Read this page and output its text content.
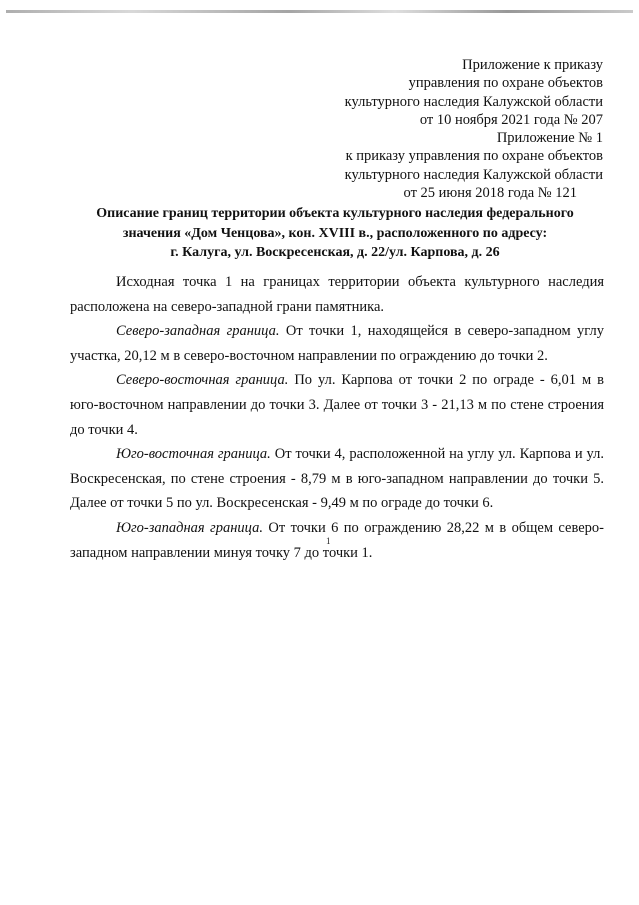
Приложение к приказу
управления по охране объектов
культурного наследия Калужской области
от 10 ноября 2021 года № 207
Приложение № 1
к приказу управления по охране объектов
культурного наследия Калужской области
от 25 июня 2018 года № 121
Описание границ территории объекта культурного наследия федерального
значения «Дом Ченцова», кон. XVIII в., расположенного по адресу:
г. Калуга, ул. Воскресенская, д. 22/ул. Карпова, д. 26

Исходная точка 1 на границах территории объекта культурного наследия расположена на северо-западной грани памятника.

Северо-западная граница. От точки 1, находящейся в северо-западном углу участка, 20,12 м в северо-восточном направлении по ограждению до точки 2.

Северо-восточная граница. По ул. Карпова от точки 2 по ограде - 6,01 м в юго-восточном направлении до точки 3. Далее от точки 3 - 21,13 м по стене строения до точки 4.

Юго-восточная граница. От точки 4, расположенной на углу ул. Карпова и ул. Воскресенская, по стене строения - 8,79 м в юго-западном направлении до точки 5. Далее от точки 5 по ул. Воскресенская - 9,49 м по ограде до точки 6.

Юго-западная граница. От точки 6 по ограждению 28,22 м в общем северо-западном направлении минуя точку 7 до точки 1.

1
